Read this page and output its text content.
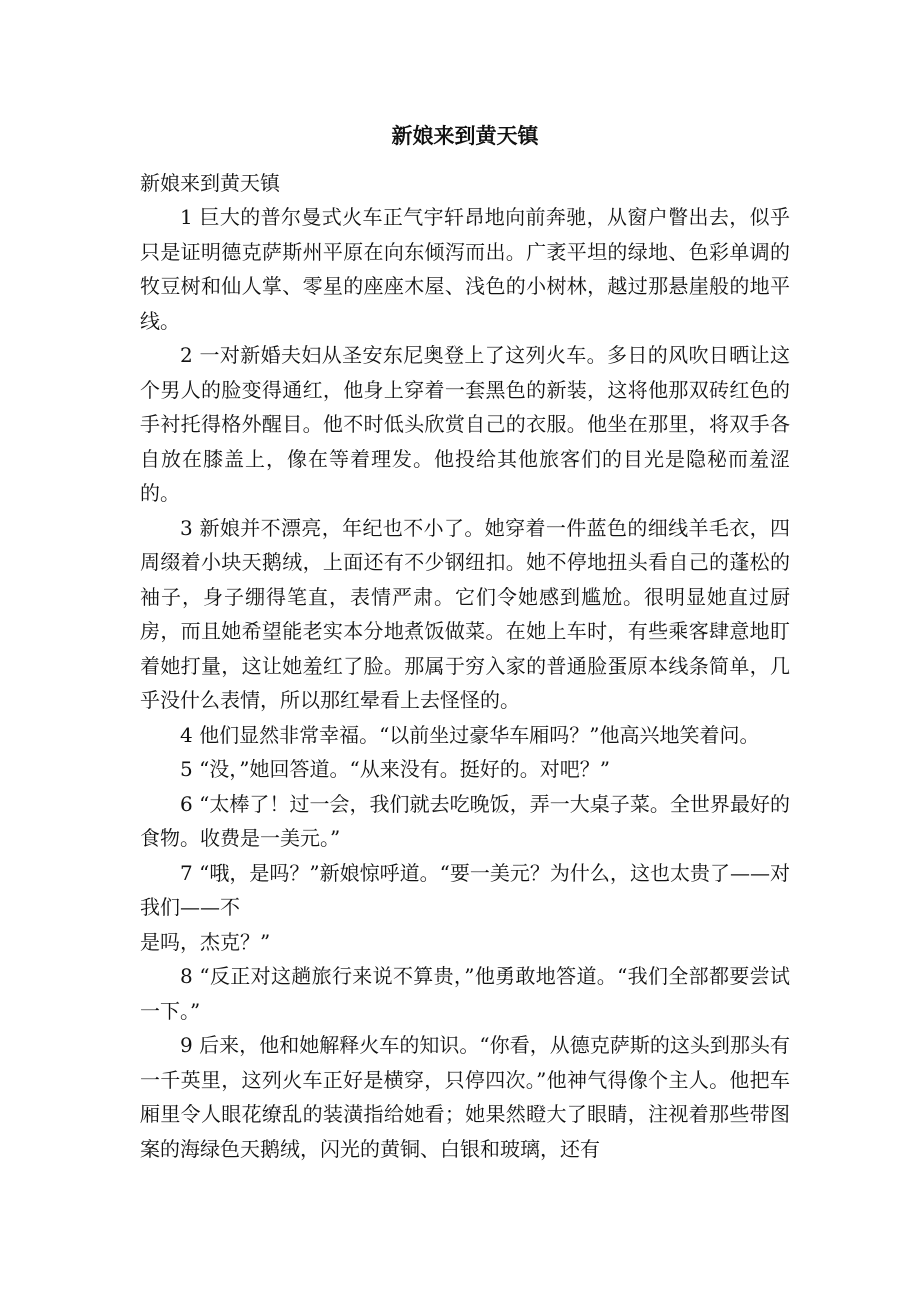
新娘来到黄天镇

新娘来到黄天镇

1 巨大的普尔曼式火车正气宇轩昂地向前奔驰，从窗户瞥出去，似乎只是证明德克萨斯州平原在向东倾泻而出。广袤平坦的绿地、色彩单调的牧豆树和仙人掌、零星的座座木屋、浅色的小树林，越过那悬崖般的地平线。

2 一对新婚夫妇从圣安东尼奥登上了这列火车。多日的风吹日晒让这个男人的脸变得通红，他身上穿着一套黑色的新装，这将他那双砖红色的手衬托得格外醒目。他不时低头欣赏自己的衣服。他坐在那里，将双手各自放在膝盖上，像在等着理发。他投给其他旅客们的目光是隐秘而羞涩的。

3 新娘并不漂亮，年纪也不小了。她穿着一件蓝色的细线羊毛衣，四周缀着小块天鹅绒，上面还有不少钢纽扣。她不停地扭头看自己的蓬松的袖子，身子绷得笔直，表情严肃。它们令她感到尴尬。很明显她直过厨房，而且她希望能老实本分地煮饭做菜。在她上车时，有些乘客肆意地盯着她打量，这让她羞红了脸。那属于穷入家的普通脸蛋原本线条简单，几乎没什么表情，所以那红晕看上去怪怪的。

4 他们显然非常幸福。“以前坐过豪华车厢吗？”他高兴地笑着问。

5 “没，”她回答道。“从来没有。挺好的。对吧？”

6 “太棒了！过一会，我们就去吃晚饭，弄一大桌子菜。全世界最好的食物。收费是一美元。”

7 “哦，是吗？”新娘惊呼道。“要一美元？为什么，这也太贵了——对我们——不

是吗，杰克？”

8 “反正对这趟旅行来说不算贵，”他勇敢地答道。“我们全部都要尝试一下。”

9 后来，他和她解释火车的知识。“你看，从德克萨斯的这头到那头有一千英里，这列火车正好是横穿，只停四次。”他神气得像个主人。他把车厢里令人眼花缭乱的装潢指给她看；她果然瞪大了眼睛，注视着那些带图案的海绿色天鹅绒，闪光的黄铜、白银和玻璃，还有
